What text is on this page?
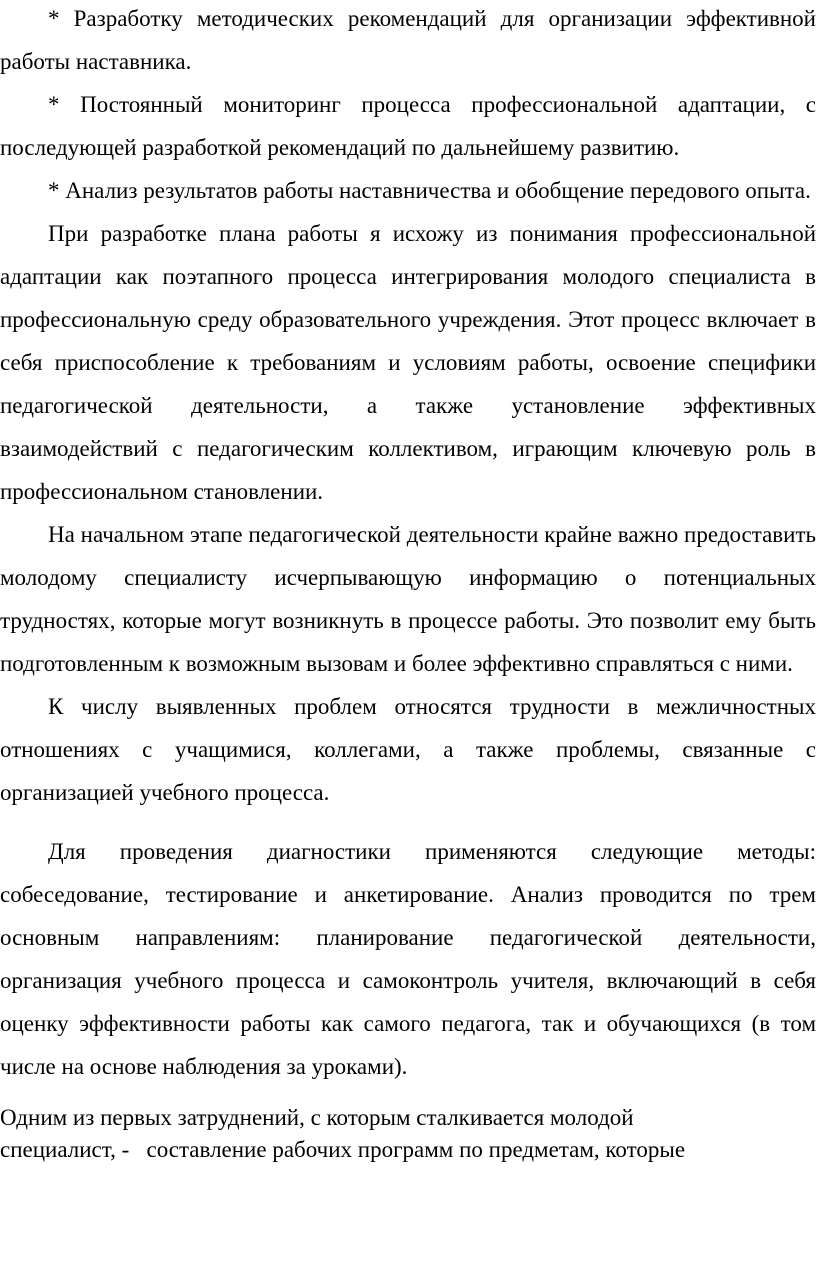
* Разработку методических рекомендаций для организации эффективной работы наставника.

* Постоянный мониторинг процесса профессиональной адаптации, с последующей разработкой рекомендаций по дальнейшему развитию.

* Анализ результатов работы наставничества и обобщение передового опыта.

При разработке плана работы я исхожу из понимания профессиональной адаптации как поэтапного процесса интегрирования молодого специалиста в профессиональную среду образовательного учреждения. Этот процесс включает в себя приспособление к требованиям и условиям работы, освоение специфики педагогической деятельности, а также установление эффективных взаимодействий с педагогическим коллективом, играющим ключевую роль в профессиональном становлении.

На начальном этапе педагогической деятельности крайне важно предоставить молодому специалисту исчерпывающую информацию о потенциальных трудностях, которые могут возникнуть в процессе работы. Это позволит ему быть подготовленным к возможным вызовам и более эффективно справляться с ними.

К числу выявленных проблем относятся трудности в межличностных отношениях с учащимися, коллегами, а также проблемы, связанные с организацией учебного процесса.

Для проведения диагностики применяются следующие методы: собеседование, тестирование и анкетирование. Анализ проводится по трем основным направлениям: планирование педагогической деятельности, организация учебного процесса и самоконтроль учителя, включающий в себя оценку эффективности работы как самого педагога, так и обучающихся (в том числе на основе наблюдения за уроками).

Одним из первых затруднений, с которым сталкивается молодой

специалист, -   составление рабочих программ по предметам, которые
